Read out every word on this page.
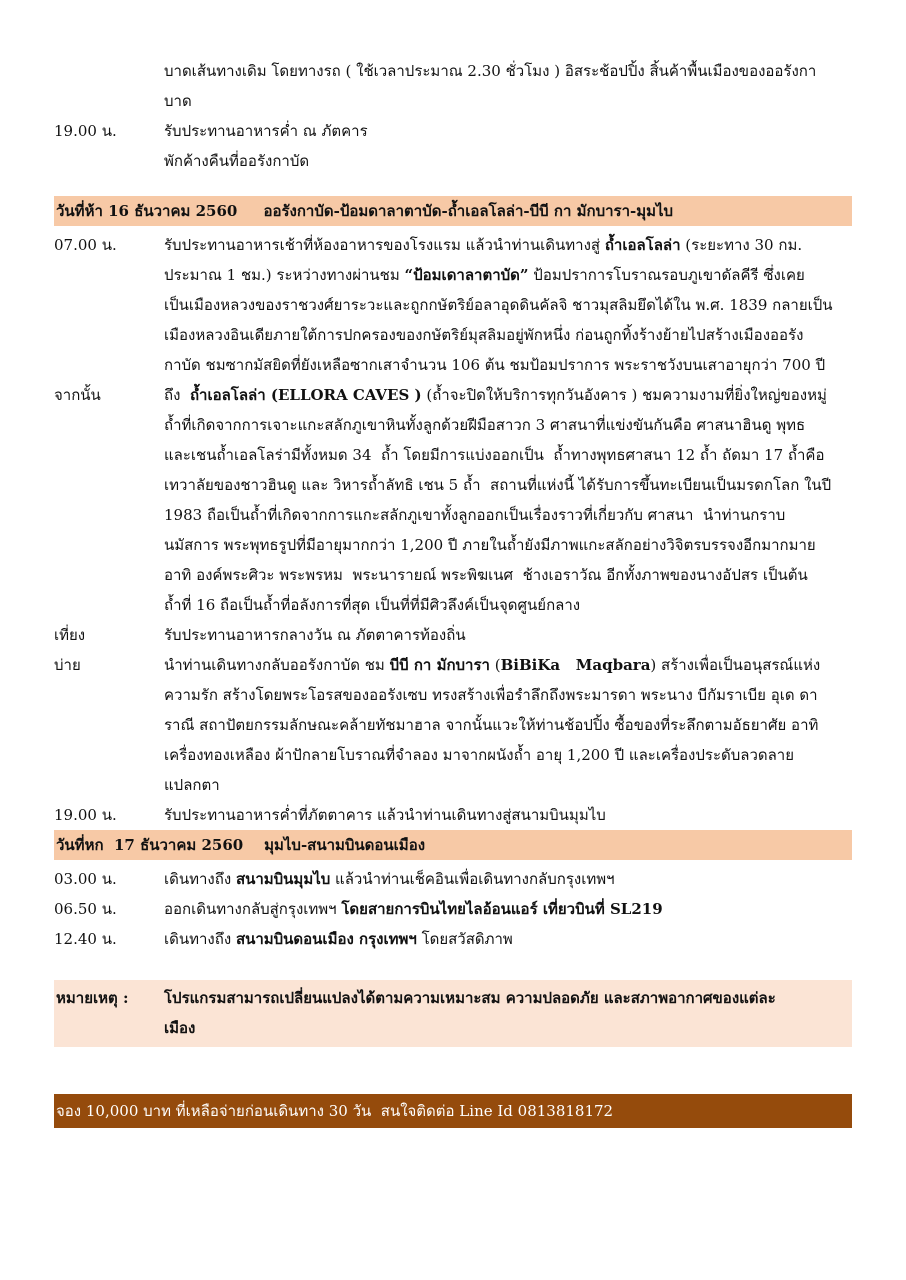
บาดเส้นทางเดิม โดยทางรถ ( ใช้เวลาประมาณ 2.30 ชั่วโมง ) อิสระช้อปปิ้ง สิ้นค้าพื้นเมืองของออรังกา
บาด
19.00 น.	รับประทานอาหารค่ำ ณ ภัตคาร
พักค้างคืนที่ออรังกาบัด
วันที่ห้า 16 ธันวาคม 2560     ออรังกาบัด-ป้อมดาลาตาบัด-ถ้ำเอลโลล่า-บีบี กา มักบารา-มุมไบ
07.00 น.	รับประทานอาหารเช้าที่ห้องอาหารของโรงแรม แล้วนำท่านเดินทางสู่ ถ้ำเอลโลล่า (ระยะทาง 30 กม.
ประมาณ 1 ชม.) ระหว่างทางผ่านชม “ป้อมเดาลาตาบัด” ป้อมปราการโบราณรอบภูเขาดัลคีรี ซึ่งเคย
เป็นเมืองหลวงของราชวงศ์ยาระวะและถูกกษัตริย์อลาอุดดินคัลจิ ชาวมุสลิมยึดได้ใน พ.ศ. 1839 กลายเป็น
เมืองหลวงอินเดียภายใต้การปกครองของกษัตริย์มุสลิมอยู่พักหนึ่ง ก่อนถูกทิ้งร้างย้ายไปสร้างเมืองออรัง
กาบัด ชมซากมัสยิดที่ยังเหลือซากเสาจำนวน 106 ต้น ชมป้อมปราการ พระราชวังบนเสาอายุกว่า 700 ปี
จากนั้น	ถึง  ถ้ำเอลโลล่า (ELLORA CAVES ) (ถ้ำจะปิดให้บริการทุกวันอังคาร ) ชมความงามที่ยิ่งใหญ่ของหมู่
ถ้ำที่เกิดจากการเจาะแกะสลักภูเขาหินทั้งลูกด้วยฝีมือสาวก 3 ศาสนาที่แข่งขันกันคือ ศาสนาฮินดู พุทธ
และเชนถ้ำเอลโลร่ามีทั้งหมด 34  ถ้ำ โดยมีการแบ่งออกเป็น  ถ้ำทางพุทธศาสนา 12 ถ้ำ ถัดมา 17 ถ้ำคือ
เทวาลัยของชาวฮินดู และ วิหารถ้ำลัทธิ เชน 5 ถ้ำ  สถานที่แห่งนี้ ได้รับการขึ้นทะเบียนเป็นมรดกโลก ในปี
1983 ถือเป็นถ้ำที่เกิดจากการแกะสลักภูเขาทั้งลูกออกเป็นเรื่องราวที่เกี่ยวกับ ศาสนา  นำท่านกราบ
นมัสการ พระพุทธรูปที่มีอายุมากกว่า 1,200 ปี ภายในถ้ำยังมีภาพแกะสลักอย่างวิจิตรบรรจงอีกมากมาย
อาทิ องค์พระศิวะ พระพรหม  พระนารายณ์ พระพิฆเนศ  ช้างเอราวัณ อีกทั้งภาพของนางอัปสร เป็นต้น
ถ้ำที่ 16 ถือเป็นถ้ำที่อลังการที่สุด เป็นที่ที่มีศิวลึงค์เป็นจุดศูนย์กลาง
เที่ยง	รับประทานอาหารกลางวัน ณ ภัตตาคารท้องถิ่น
บ่าย	นำท่านเดินทางกลับออรังกาบัด ชม บีบี กา มักบารา (BiBiKa   Maqbara) สร้างเพื่อเป็นอนุสรณ์แห่ง
ความรัก สร้างโดยพระโอรสของออรังเซบ ทรงสร้างเพื่อรำลึกถึงพระมารดา พระนาง บีกัมราเบีย อุเด ดา
ราณี สถาปัตยกรรมลักษณะคล้ายทัชมาฮาล จากนั้นแวะให้ท่านช้อปปิ้ง ซื้อของที่ระลึกตามอัธยาศัย อาทิ
เครื่องทองเหลือง ผ้าปักลายโบราณที่จำลอง มาจากผนังถ้ำ อายุ 1,200 ปี และเครื่องประดับลวดลาย
แปลกตา
19.00 น.	รับประทานอาหารค่ำที่ภัตตาคาร แล้วนำท่านเดินทางสู่สนามบินมุมไบ
วันที่หก  17 ธันวาคม 2560    มุมไบ-สนามบินดอนเมือง
03.00 น.	เดินทางถึง สนามบินมุมไบ แล้วนำท่านเช็คอินเพื่อเดินทางกลับกรุงเทพฯ
06.50 น.	ออกเดินทางกลับสู่กรุงเทพฯ โดยสายการบินไทยไลอ้อนแอร์ เที่ยวบินที่ SL219
12.40 น.	เดินทางถึง สนามบินดอนเมือง กรุงเทพฯ โดยสวัสดิภาพ
หมายเหตุ :	โปรแกรมสามารถเปลี่ยนแปลงได้ตามความเหมาะสม ความปลอดภัย และสภาพอากาศของแต่ละ
เมือง
จอง 10,000 บาท ที่เหลือจ่ายก่อนเดินทาง 30 วัน  สนใจติดต่อ Line Id 0813818172
